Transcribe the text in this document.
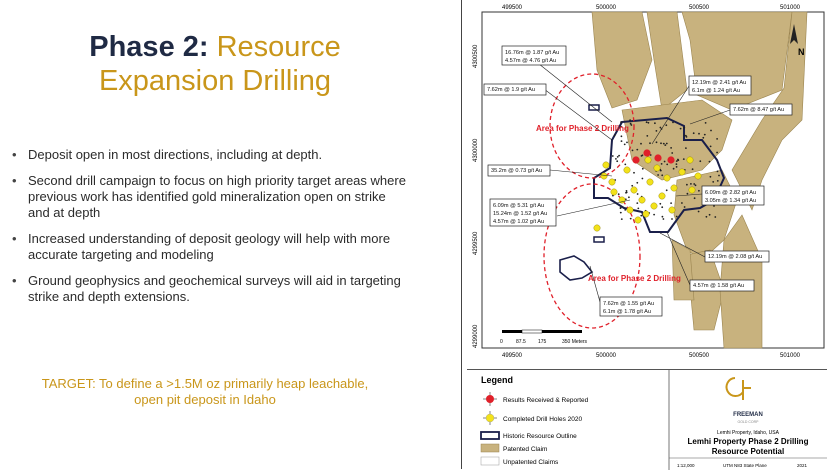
Phase 2: Resource
Expansion Drilling
• Deposit open in most directions, including at depth.
• Second drill campaign to focus on high priority target areas where previous work has identified gold mineralization open on strike and at depth
• Increased understanding of deposit geology will help with more accurate targeting and modeling
• Ground geophysics and geochemical surveys will aid in targeting strike and depth extensions.
TARGET: To define a >1.5M oz primarily heap leachable, open pit deposit in Idaho
Area for Phase 2 Drilling
Area for Phase 2 Drilling
499500	500000	500500	501000
499500	500000	500500	501000
4300500
4300000
4299500
4299000
N
0	87.5 175	350 Meters
16.76m @ 1.87 g/t Au
4.57m @ 4.76 g/t Au
7.62m @ 1.9 g/t Au
12.19m @ 2.41 g/t Au
6.1m @ 1.24 g/t Au
7.62m @ 8.47 g/t Au
35.2m @ 0.73 g/t Au
6.09m @ 2.82 g/t Au
3.05m @ 1.34 g/t Au
6.09m @ 5.31 g/t Au
15.24m @ 1.52 g/t Au
4.57m @ 1.02 g/t Au
12.19m @ 2.08 g/t Au
4.57m @ 1.58 g/t Au
7.62m @ 1.55 g/t Au
6.1m @ 1.78 g/t Au
Legend
Results Received & Reported
Completed Drill Holes 2020
Historic Resource Outline
Patented Claim
Unpatented Claims
FREEMAN
GOLD CORP
Lemhi Property, Idaho, USA
Lemhi Property Phase 2 Drilling
Resource Potential
1:12,000	UTM N83 State Plane	2021
